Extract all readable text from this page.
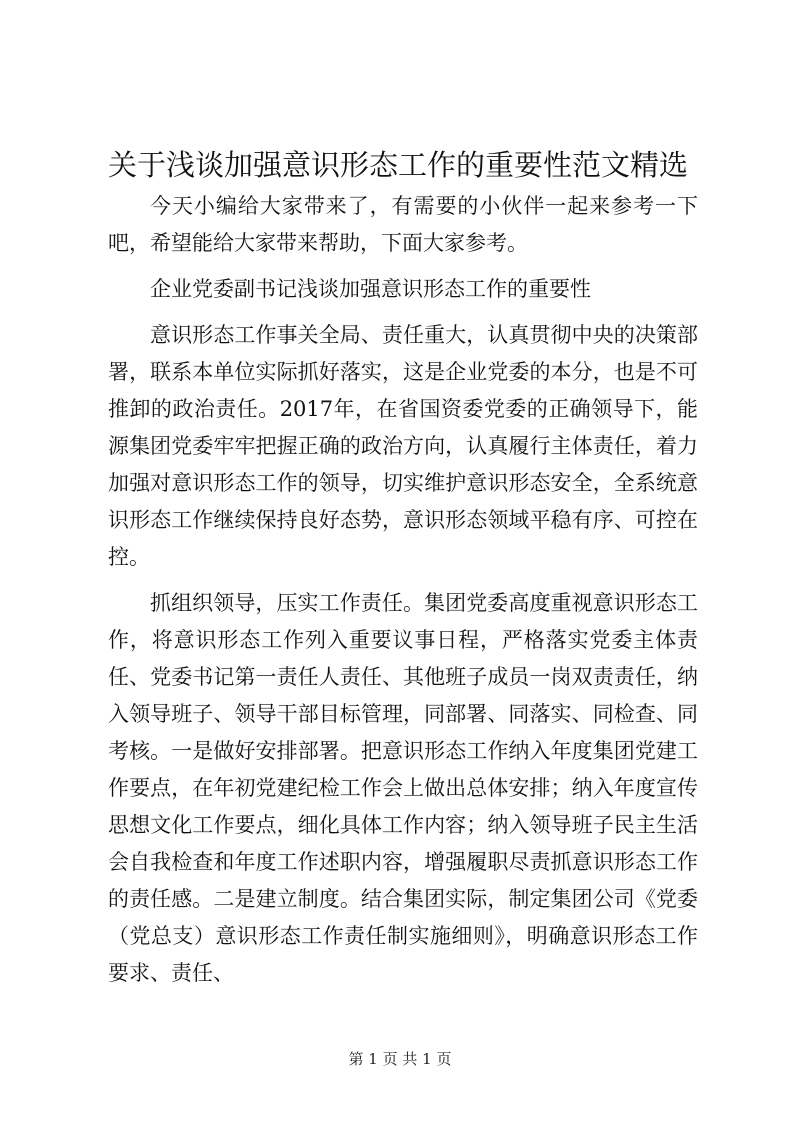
关于浅谈加强意识形态工作的重要性范文精选

今天小编给大家带来了，有需要的小伙伴一起来参考一下吧，希望能给大家带来帮助，下面大家参考。

企业党委副书记浅谈加强意识形态工作的重要性

意识形态工作事关全局、责任重大，认真贯彻中央的决策部署，联系本单位实际抓好落实，这是企业党委的本分，也是不可推卸的政治责任。2017年，在省国资委党委的正确领导下，能源集团党委牢牢把握正确的政治方向，认真履行主体责任，着力加强对意识形态工作的领导，切实维护意识形态安全，全系统意识形态工作继续保持良好态势，意识形态领域平稳有序、可控在控。

抓组织领导，压实工作责任。集团党委高度重视意识形态工作，将意识形态工作列入重要议事日程，严格落实党委主体责任、党委书记第一责任人责任、其他班子成员一岗双责责任，纳入领导班子、领导干部目标管理，同部署、同落实、同检查、同考核。一是做好安排部署。把意识形态工作纳入年度集团党建工作要点，在年初党建纪检工作会上做出总体安排；纳入年度宣传思想文化工作要点，细化具体工作内容；纳入领导班子民主生活会自我检查和年度工作述职内容，增强履职尽责抓意识形态工作的责任感。二是建立制度。结合集团实际，制定集团公司《党委（党总支）意识形态工作责任制实施细则》，明确意识形态工作要求、责任、

第 1 页 共 1 页
